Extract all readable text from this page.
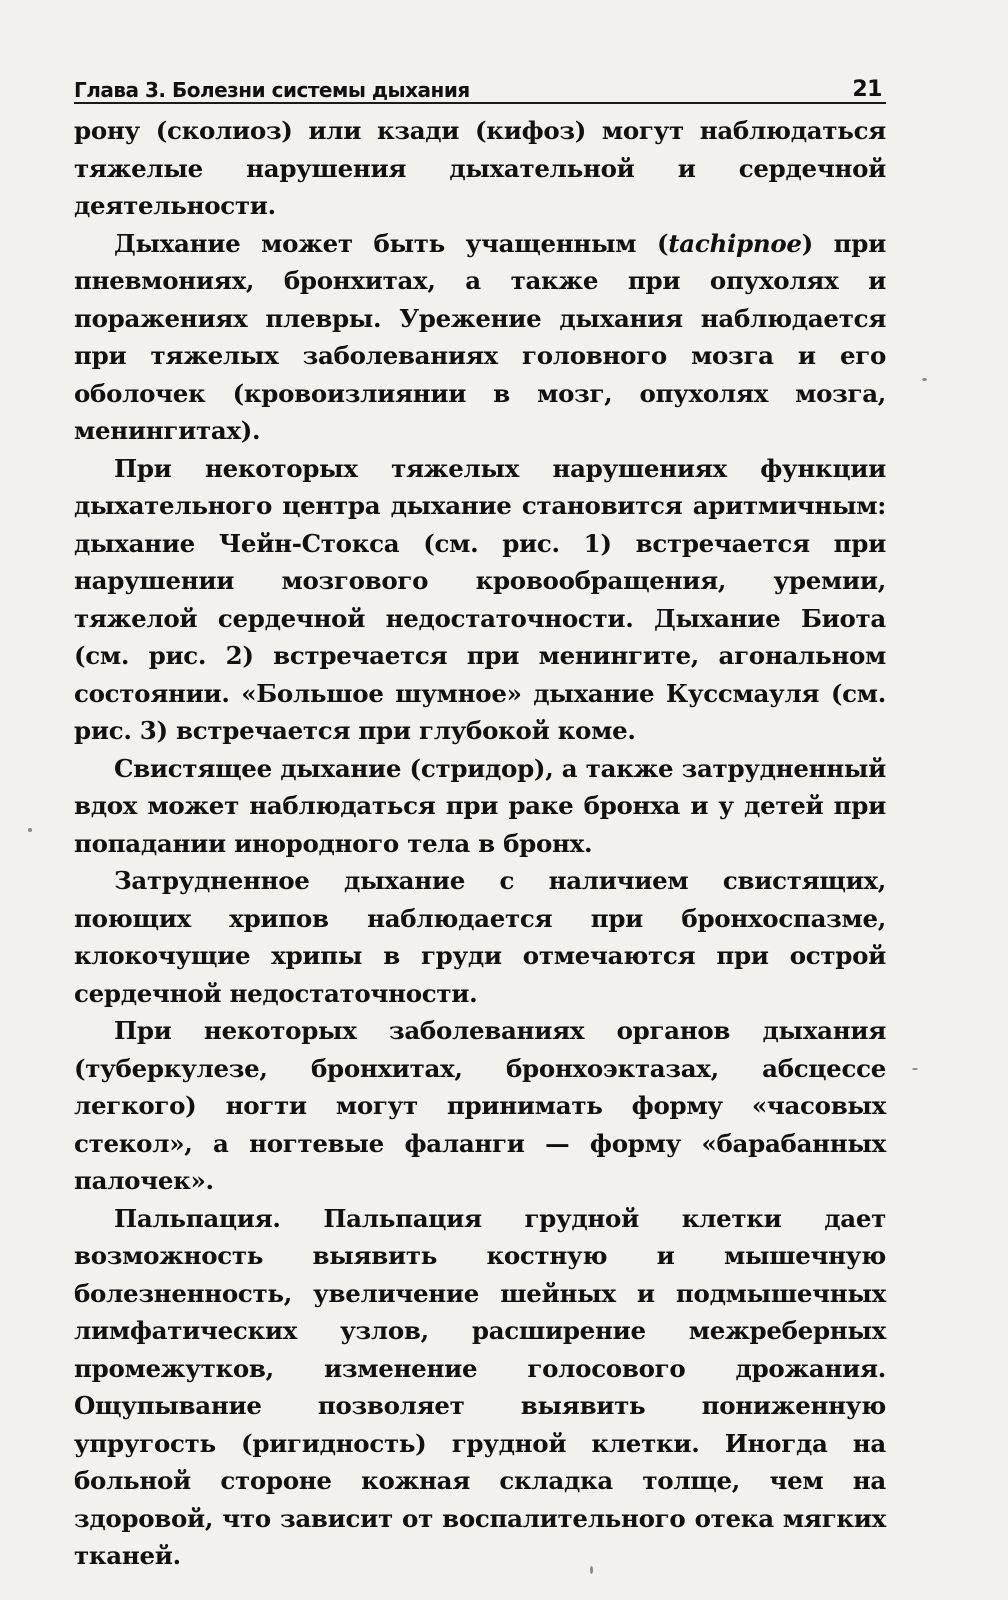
Глава 3. Болезни системы дыхания	21

рону (сколиоз) или кзади (кифоз) могут наблюдаться тяжелые нарушения дыхательной и сердечной деятельности.

Дыхание может быть учащенным (tachipnoe) при пневмониях, бронхитах, а также при опухолях и поражениях плевры. Урежение дыхания наблюдается при тяжелых заболеваниях головного мозга и его оболочек (кровоизлиянии в мозг, опухолях мозга, менингитах).

При некоторых тяжелых нарушениях функции дыхательного центра дыхание становится аритмичным: дыхание Чейн-Стокса (см. рис. 1) встречается при нарушении мозгового кровообращения, уремии, тяжелой сердечной недостаточности. Дыхание Биота (см. рис. 2) встречается при менингите, агональном состоянии. «Большое шумное» дыхание Куссмауля (см. рис. 3) встречается при глубокой коме.

Свистящее дыхание (стридор), а также затрудненный вдох может наблюдаться при раке бронха и у детей при попадании инородного тела в бронх.

Затрудненное дыхание с наличием свистящих, поющих хрипов наблюдается при бронхоспазме, клокочущие хрипы в груди отмечаются при острой сердечной недостаточности.

При некоторых заболеваниях органов дыхания (туберкулезе, бронхитах, бронхоэктазах, абсцессе легкого) ногти могут принимать форму «часовых стекол», а ногтевые фаланги — форму «барабанных палочек».

Пальпация. Пальпация грудной клетки дает возможность выявить костную и мышечную болезненность, увеличение шейных и подмышечных лимфатических узлов, расширение межреберных промежутков, изменение голосового дрожания. Ощупывание позволяет выявить пониженную упругость (ригидность) грудной клетки. Иногда на больной стороне кожная складка толще, чем на здоровой, что зависит от воспалительного отека мягких тканей.
